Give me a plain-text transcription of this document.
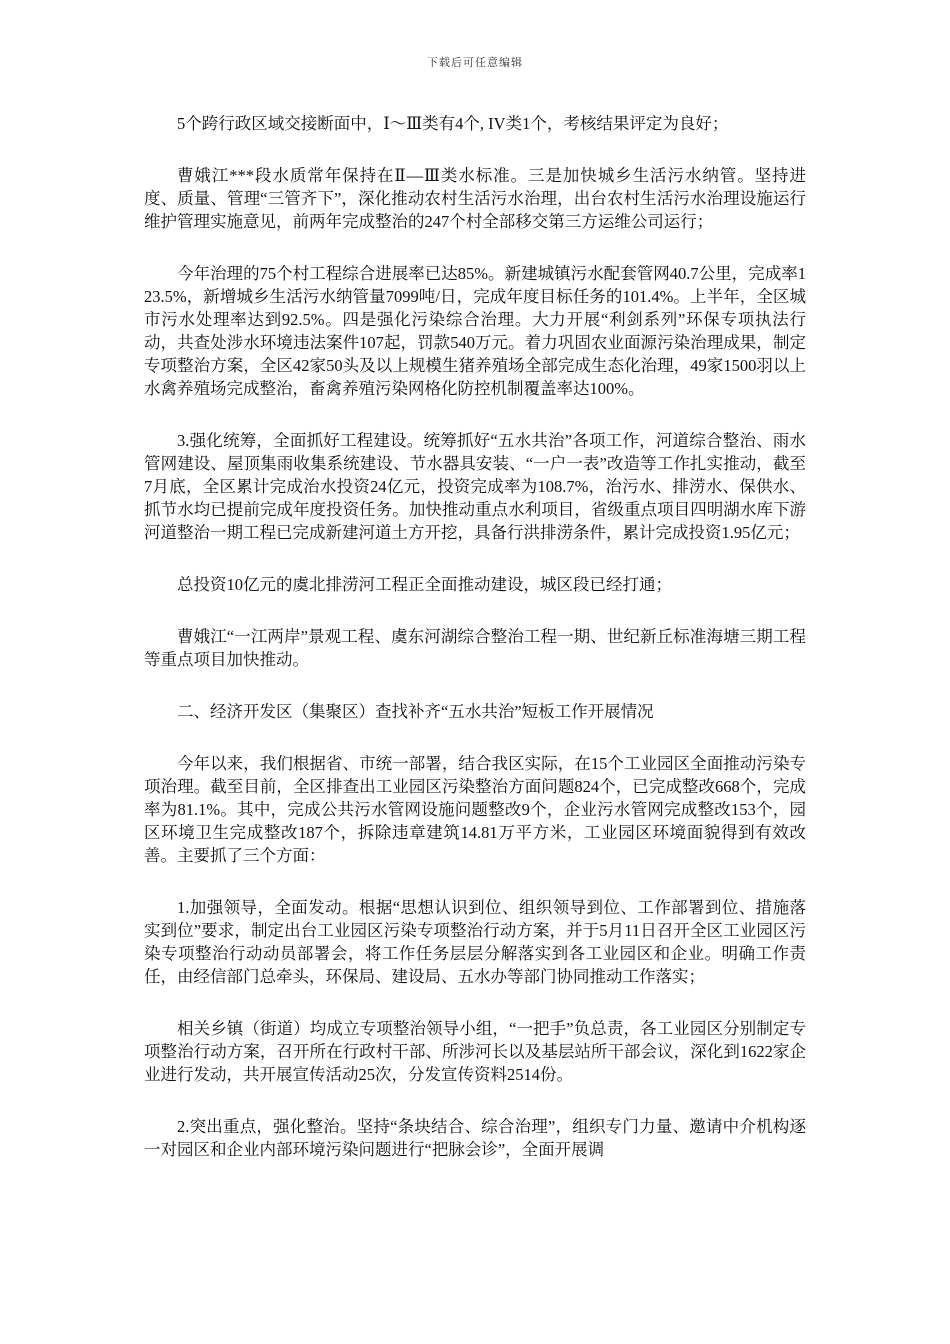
下载后可任意编辑

5个跨行政区域交接断面中，Ⅰ～Ⅲ类有4个, IV类1个，考核结果评定为良好；

曹娥江***段水质常年保持在Ⅱ—Ⅲ类水标准。三是加快城乡生活污水纳管。坚持进度、质量、管理“三管齐下”，深化推动农村生活污水治理，出台农村生活污水治理设施运行维护管理实施意见，前两年完成整治的247个村全部移交第三方运维公司运行；

今年治理的75个村工程综合进展率已达85%。新建城镇污水配套管网40.7公里，完成率123.5%，新增城乡生活污水纳管量7099吨/日，完成年度目标任务的101.4%。上半年，全区城市污水处理率达到92.5%。四是强化污染综合治理。大力开展“利剑系列”环保专项执法行动，共查处涉水环境违法案件107起，罚款540万元。着力巩固农业面源污染治理成果，制定专项整治方案，全区42家50头及以上规模生猪养殖场全部完成生态化治理，49家1500羽以上水禽养殖场完成整治，畜禽养殖污染网格化防控机制覆盖率达100%。

3.强化统筹，全面抓好工程建设。统筹抓好“五水共治”各项工作，河道综合整治、雨水管网建设、屋顶集雨收集系统建设、节水器具安装、“一户一表”改造等工作扎实推动，截至7月底，全区累计完成治水投资24亿元，投资完成率为108.7%，治污水、排涝水、保供水、抓节水均已提前完成年度投资任务。加快推动重点水利项目，省级重点项目四明湖水库下游河道整治一期工程已完成新建河道土方开挖，具备行洪排涝条件，累计完成投资1.95亿元；

总投资10亿元的虞北排涝河工程正全面推动建设，城区段已经打通；

曹娥江“一江两岸”景观工程、虞东河湖综合整治工程一期、世纪新丘标准海塘三期工程等重点项目加快推动。

二、经济开发区（集聚区）查找补齐“五水共治”短板工作开展情况

今年以来，我们根据省、市统一部署，结合我区实际，在15个工业园区全面推动污染专项治理。截至目前，全区排查出工业园区污染整治方面问题824个，已完成整改668个，完成率为81.1%。其中，完成公共污水管网设施问题整改9个，企业污水管网完成整改153个，园区环境卫生完成整改187个，拆除违章建筑14.81万平方米，工业园区环境面貌得到有效改善。主要抓了三个方面：

1.加强领导，全面发动。根据“思想认识到位、组织领导到位、工作部署到位、措施落实到位”要求，制定出台工业园区污染专项整治行动方案，并于5月11日召开全区工业园区污染专项整治行动动员部署会，将工作任务层层分解落实到各工业园区和企业。明确工作责任，由经信部门总牵头，环保局、建设局、五水办等部门协同推动工作落实；

相关乡镇（街道）均成立专项整治领导小组，“一把手”负总责，各工业园区分别制定专项整治行动方案，召开所在行政村干部、所涉河长以及基层站所干部会议，深化到1622家企业进行发动，共开展宣传活动25次，分发宣传资料2514份。

2.突出重点，强化整治。坚持“条块结合、综合治理”，组织专门力量、邀请中介机构逐一对园区和企业内部环境污染问题进行“把脉会诊”，全面开展调
